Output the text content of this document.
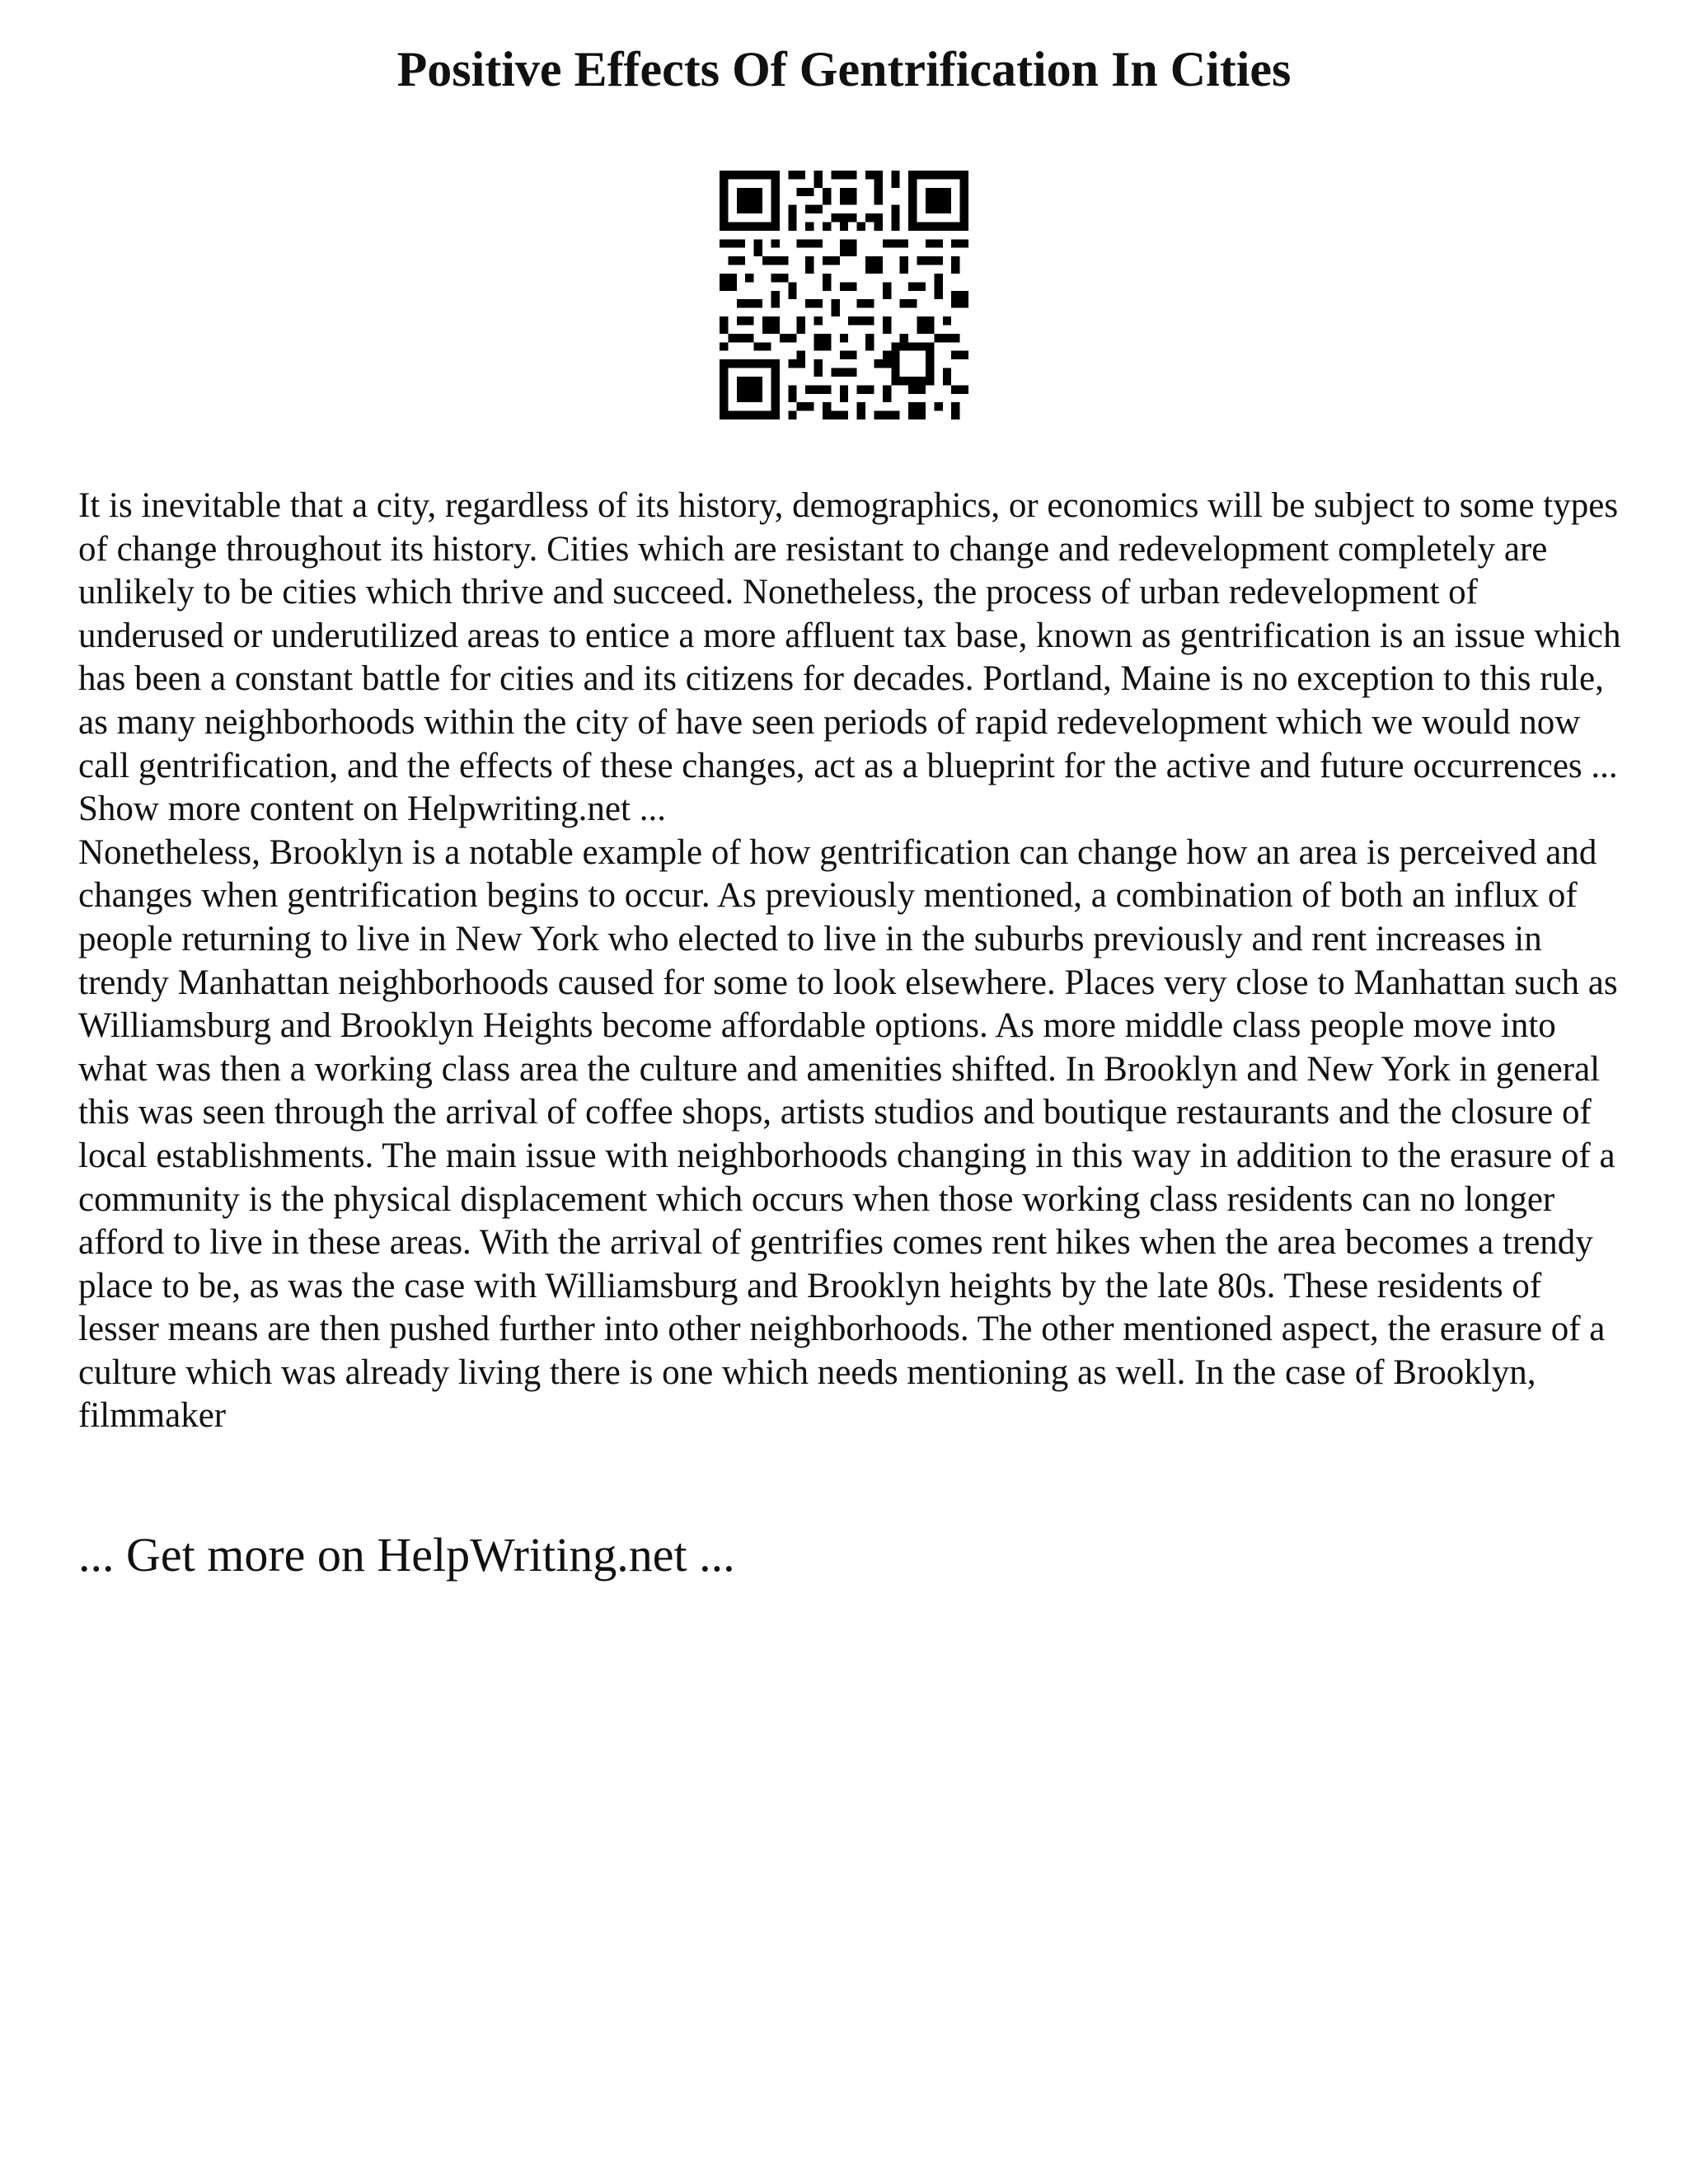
Positive Effects Of Gentrification In Cities

It is inevitable that a city, regardless of its history, demographics, or economics will be subject to some types of change throughout its history. Cities which are resistant to change and redevelopment completely are unlikely to be cities which thrive and succeed. Nonetheless, the process of urban redevelopment of underused or underutilized areas to entice a more affluent tax base, known as gentrification is an issue which has been a constant battle for cities and its citizens for decades. Portland, Maine is no exception to this rule, as many neighborhoods within the city of have seen periods of rapid redevelopment which we would now call gentrification, and the effects of these changes, act as a blueprint for the active and future occurrences ... Show more content on Helpwriting.net ...

Nonetheless, Brooklyn is a notable example of how gentrification can change how an area is perceived and changes when gentrification begins to occur. As previously mentioned, a combination of both an influx of people returning to live in New York who elected to live in the suburbs previously and rent increases in trendy Manhattan neighborhoods caused for some to look elsewhere. Places very close to Manhattan such as Williamsburg and Brooklyn Heights become affordable options. As more middle class people move into what was then a working class area the culture and amenities shifted. In Brooklyn and New York in general this was seen through the arrival of coffee shops, artists studios and boutique restaurants and the closure of local establishments. The main issue with neighborhoods changing in this way in addition to the erasure of a community is the physical displacement which occurs when those working class residents can no longer afford to live in these areas. With the arrival of gentrifies comes rent hikes when the area becomes a trendy place to be, as was the case with Williamsburg and Brooklyn heights by the late 80s. These residents of lesser means are then pushed further into other neighborhoods. The other mentioned aspect, the erasure of a culture which was already living there is one which needs mentioning as well. In the case of Brooklyn, filmmaker

... Get more on HelpWriting.net ...
